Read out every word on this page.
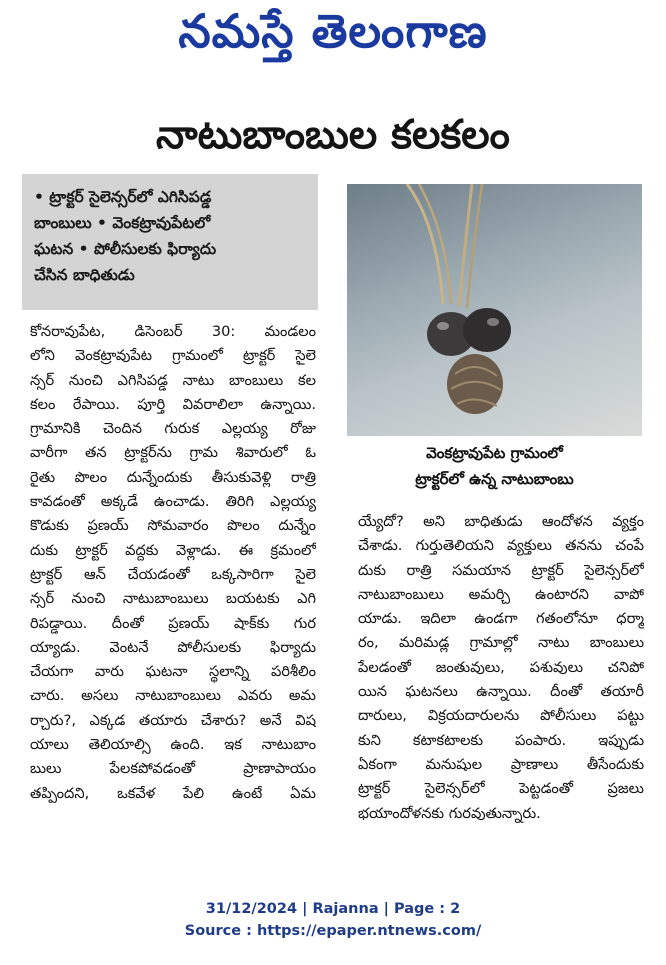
నమస్తే తెలంగాణ
నాటుబాంబుల కలకలం
• ట్రాక్టర్ సైలెన్సర్‌లో ఎగిసిపడ్డ
బాంబులు • వెంకట్రావుపేటలో
ఘటన • పోలీసులకు ఫిర్యాదు
చేసిన బాధితుడు
వెంకట్రావుపేట గ్రామంలో
ట్రాక్టర్‌లో ఉన్న నాటుబాంబు
కోనరావుపేట, డిసెంబర్ 30: మండలం
లోని వెంకట్రావుపేట గ్రామంలో ట్రాక్టర్ సైలె
న్సర్ నుంచి ఎగిసిపడ్డ నాటు బాంబులు కల
కలం రేపాయి. పూర్తి వివరాలిలా ఉన్నాయి.
గ్రామానికి చెందిన గురుక ఎల్లయ్య రోజు
వారీగా తన ట్రాక్టర్‌ను గ్రామ శివారులో ఓ
రైతు పొలం దున్నేందుకు తీసుకువెళ్లి రాత్రి
కావడంతో అక్కడే ఉంచాడు. తిరిగి ఎల్లయ్య
కొడుకు ప్రణయ్ సోమవారం పొలం దున్నేం
దుకు ట్రాక్టర్ వద్దకు వెళ్లాడు. ఈ క్రమంలో
ట్రాక్టర్ ఆన్ చేయడంతో ఒక్కసారిగా సైలె
న్సర్ నుంచి నాటుబాంబులు బయటకు ఎగి
రిపడ్డాయి. దీంతో ప్రణయ్ షాక్‌కు గుర
య్యాడు. వెంటనే పోలీసులకు ఫిర్యాదు
చేయగా వారు ఘటనా స్థలాన్ని పరిశీలిం
చారు. అసలు నాటుబాంబులు ఎవరు అమ
ర్చారు?, ఎక్కడ తయారు చేశారు? అనే విష
యాలు తెలియాల్సి ఉంది. ఇక నాటుబాం
బులు పేలకపోవడంతో ప్రాణాపాయం
తప్పిందని, ఒకవేళ పేలి ఉంటే ఏమ
య్యేదో? అని బాధితుడు ఆందోళన వ్యక్తం
చేశాడు. గుర్తుతెలియని వ్యక్తులు తనను చంపే
దుకు రాత్రి సమయాన ట్రాక్టర్ సైలెన్సర్‌లో
నాటుబాంబులు అమర్చి ఉంటారని వాపో
యాడు. ఇదిలా ఉండగా గతంలోనూ ధర్మా
రం, మరిమడ్ల గ్రామాల్లో నాటు బాంబులు
పేలడంతో జంతువులు, పశువులు చనిపో
యిన ఘటనలు ఉన్నాయి. దీంతో తయారీ
దారులు, విక్రయదారులను పోలీసులు పట్టు
కుని కటాకటాలకు పంపారు. ఇప్పుడు
ఏకంగా మనుషుల ప్రాణాలు తీసేందుకు
ట్రాక్టర్ సైలెన్సర్‌లో పెట్టడంతో ప్రజలు
భయాందోళనకు గురవుతున్నారు.
31/12/2024 | Rajanna | Page : 2
Source : https://epaper.ntnews.com/
